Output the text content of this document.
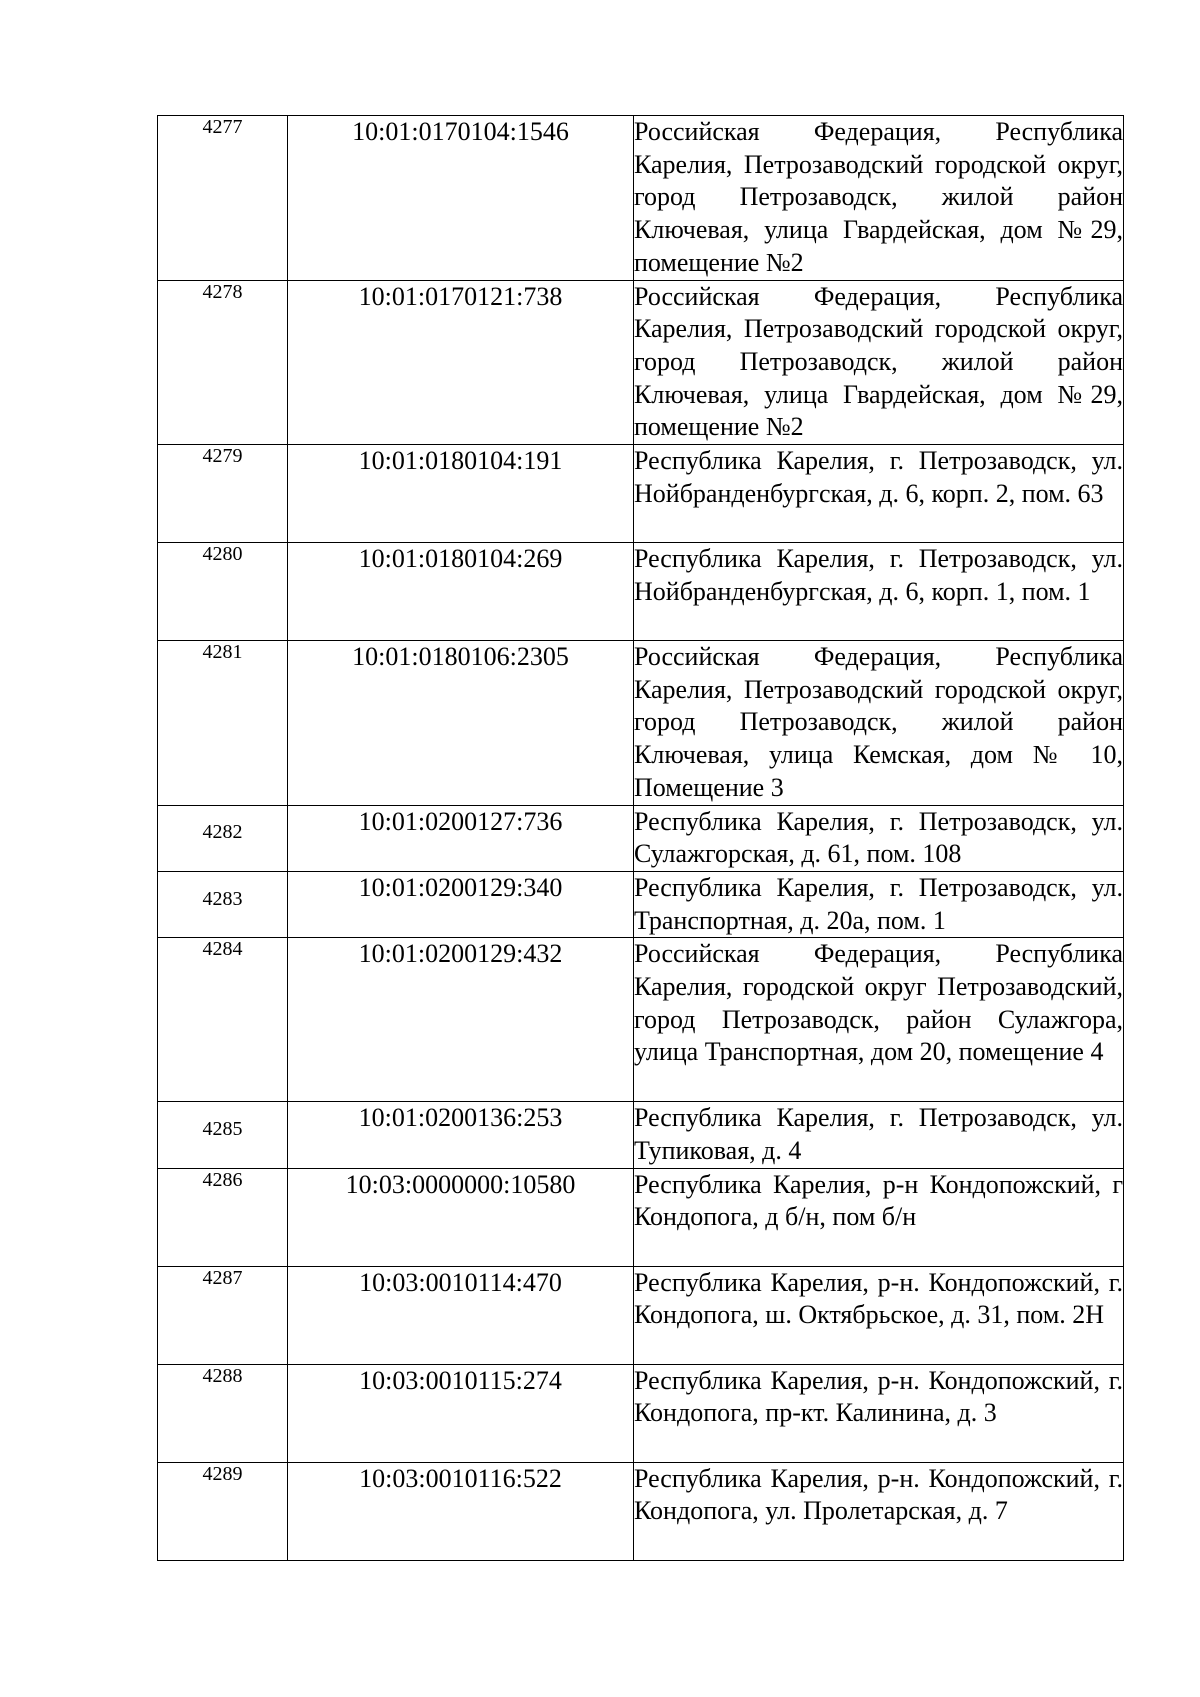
4277	10:01:0170104:1546	Российская Федерация, Республика Карелия, Петрозаводский городской округ, город Петрозаводск, жилой район Ключевая, улица Гвардейская, дом №29, помещение №2
4278	10:01:0170121:738	Российская Федерация, Республика Карелия, Петрозаводский городской округ, город Петрозаводск, жилой район Ключевая, улица Гвардейская, дом №29, помещение №2
4279	10:01:0180104:191	Республика Карелия, г. Петрозаводск, ул. Нойбранденбургская, д. 6, корп. 2, пом. 63
4280	10:01:0180104:269	Республика Карелия, г. Петрозаводск, ул. Нойбранденбургская, д. 6, корп. 1, пом. 1
4281	10:01:0180106:2305	Российская Федерация, Республика Карелия, Петрозаводский городской округ, город Петрозаводск, жилой район Ключевая, улица Кемская, дом № 10, Помещение 3

4282	10:01:0200127:736	Республика Карелия, г. Петрозаводск, ул. Сулажгорская, д. 61, пом. 108

4283	10:01:0200129:340	Республика Карелия, г. Петрозаводск, ул. Транспортная, д. 20а, пом. 1
4284	10:01:0200129:432	Российская Федерация, Республика Карелия, городской округ Петрозаводский, город Петрозаводск, район Сулажгора, улица Транспортная, дом 20, помещение 4

4285	10:01:0200136:253	Республика Карелия, г. Петрозаводск, ул. Тупиковая, д. 4
4286	10:03:0000000:10580	Республика Карелия, р-н Кондопожский, г Кондопога, д б/н, пом б/н
4287	10:03:0010114:470	Республика Карелия, р-н. Кондопожский, г. Кондопога, ш. Октябрьское, д. 31, пом. 2Н
4288	10:03:0010115:274	Республика Карелия, р-н. Кондопожский, г. Кондопога, пр-кт. Калинина, д. 3
4289	10:03:0010116:522	Республика Карелия, р-н. Кондопожский, г. Кондопога, ул. Пролетарская, д. 7
